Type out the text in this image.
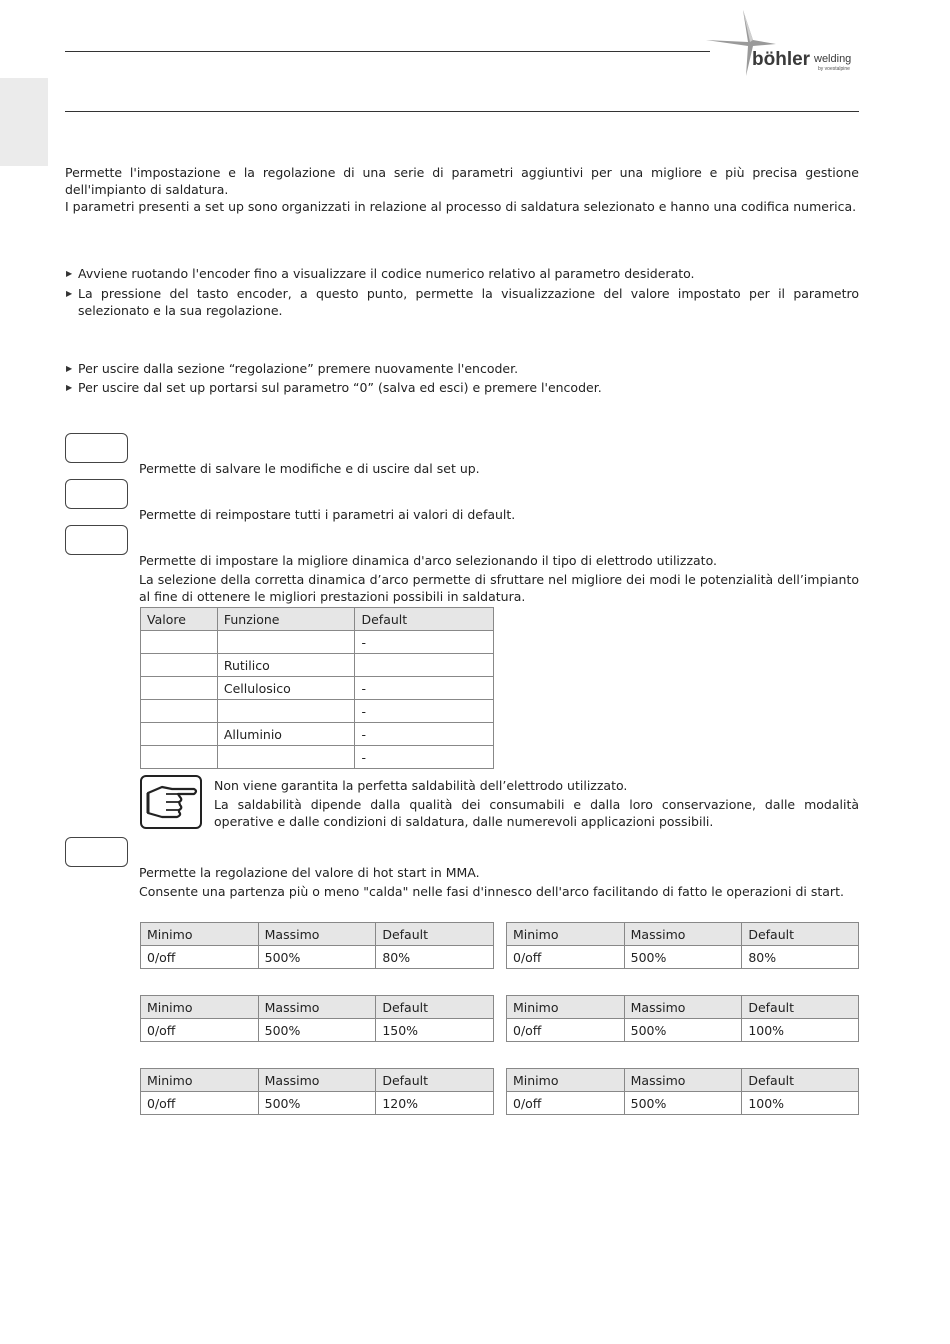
böhler welding
by voestalpine
Permette l'impostazione e la regolazione di una serie di parametri aggiuntivi per una migliore e più precisa gestione dell'impianto di saldatura.
I parametri presenti a set up sono organizzati in relazione al processo di saldatura selezionato e hanno una codifica numerica.
▶ Avviene ruotando l'encoder fino a visualizzare il codice numerico relativo al parametro desiderato.
▶ La pressione del tasto encoder, a questo punto, permette la visualizzazione del valore impostato per il parametro selezionato e la sua regolazione.
▶ Per uscire dalla sezione “regolazione” premere nuovamente l'encoder.
▶ Per uscire dal set up portarsi sul parametro “0” (salva ed esci) e premere l'encoder.
Permette di salvare le modifiche e di uscire dal set up.
Permette di reimpostare tutti i parametri ai valori di default.
Permette di impostare la migliore dinamica d'arco selezionando il tipo di elettrodo utilizzato.
La selezione della corretta dinamica d’arco permette di sfruttare nel migliore dei modi le potenzialità dell’impianto al fine di ottenere le migliori prestazioni possibili in saldatura.
Valore	Funzione	Default
		-
	Rutilico	
	Cellulosico	-
		-
	Alluminio	-
		-
Non viene garantita la perfetta saldabilità dell’elettrodo utilizzato.
La saldabilità dipende dalla qualità dei consumabili e dalla loro conservazione, dalle modalità operative e dalle condizioni di saldatura, dalle numerevoli applicazioni possibili.
Permette la regolazione del valore di hot start in MMA.
Consente una partenza più o meno "calda" nelle fasi d'innesco dell'arco facilitando di fatto le operazioni di start.
Minimo	Massimo	Default
0/off	500%	80%
Minimo	Massimo	Default
0/off	500%	80%
Minimo	Massimo	Default
0/off	500%	150%
Minimo	Massimo	Default
0/off	500%	100%
Minimo	Massimo	Default
0/off	500%	120%
Minimo	Massimo	Default
0/off	500%	100%
